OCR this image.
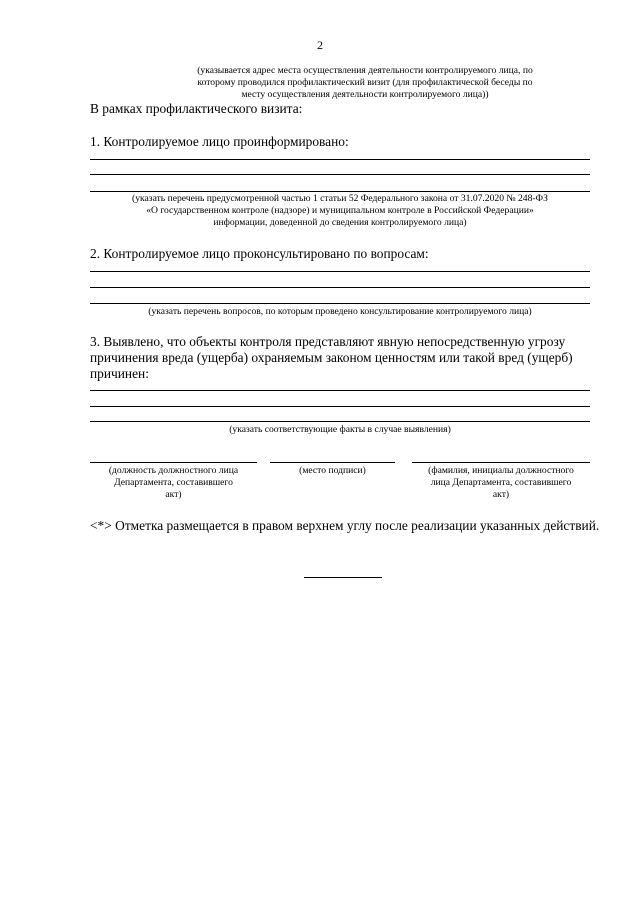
2
(указывается адрес места осуществления деятельности контролируемого лица, по
которому проводился профилактический визит (для профилактической беседы по
месту осуществления деятельности контролируемого лица))
В рамках профилактического визита:
1. Контролируемое лицо проинформировано:
(указать перечень предусмотренной частью 1 статьи 52 Федерального закона от 31.07.2020 № 248-ФЗ
«О государственном контроле (надзоре) и муниципальном контроле в Российской Федерации»
информации, доведенной до сведения контролируемого лица)
2. Контролируемое лицо проконсультировано по вопросам:
(указать перечень вопросов, по которым проведено консультирование контролируемого лица)
3. Выявлено, что объекты контроля представляют явную непосредственную угрозу
причинения вреда (ущерба) охраняемым законом ценностям или такой вред (ущерб)
причинен:
(указать соответствующие факты в случае выявления)
(должность должностного лица
Департамента, составившего
акт)
(место подписи)	(фамилия, инициалы должностного
лица Департамента, составившего
акт)
<*> Отметка размещается в правом верхнем углу после реализации указанных действий.
